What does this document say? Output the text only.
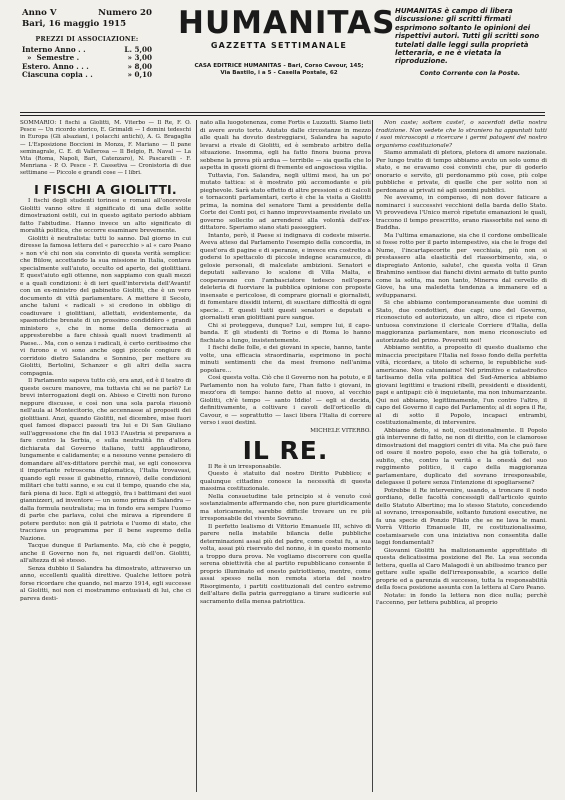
Anno V	Numero 20
Bari, 16 maggio 1915
PREZZI DI ASSOCIAZIONE:
Interno Anno . .	L. 5,00
»  Semestre .	» 3,00
Estero. Anno . . .	» 8,00
Ciascuna copia . .	» 0,10
HUMANITAS
GAZZETTA SETTIMANALE
CASA EDITRICE HUMANITAS - Bari, Corso Cavour, 145;
Via Bastilo, i a 5 - Casella Postale, 62
HUMANITAS è campo di libera discussione: gli scritti firmati esprimono soltanto le opinioni dei rispettivi autori. Tutti gli scritti sono tutelati dalle leggi sulla proprietà letteraria, e ne è vietata la riproduzione.
Conto Corrente con la Poste.

SOMMARIO: I fischi a Giolitti, M. Viterbo — Il Re, F. O. Pesce — Un ricordo storico, E. Grimaldi — I domini tedeschi in Europa (Gli alsaziani, i polacchi antichi), A. G. Bragaglia — L'Esposizione Boccioni in Monza, F. Mariano — Il pane seminagrale, C. E. di Vallerosa — Il Belgio, R. Naval — La Vita (Roma, Napoli, Bari, Catenzaro), N. Pascarelli - F. Menriana - P. O. Pesce - F. Cassetiva — Cronistoria di due settimane — Piccole e grandi cose — I libri.

I FISCHI A GIOLITTI.

I fischi degli studenti torinesi e romani all'onorevole Giolitti vanno oltre il significato di una delle solite dimostrazioni ostili, cui in questo agitato periodo abbiam fatto l'abitudine. Hanno invece un alto significato di moralità politica, che occorre esaminare brevemente.

Giolitti è neutralista: tutti lo sanno. Dal giorno in cui diresse la famosa lettera del « parecchio » al « caro Peano » non v'è chi non sia convinto di questa verità semplice: che Bülow, accettando la sua missione in Italia, contava specialmente sull'aiuto, occulto od aperto, dei giolittiani. E quest'aiuto egli ottenne, non sappiamo con quali mezzi e a quali condizioni: è di ieri quell'intervista dell'Avanti! con un ex-ministro del gabinetto Giolitti, che è un vero documento di viltà parlamentare. A mettere il Secolo, anche taluni « radicali » si credono in obbligo di coadiuvare i giolittiani, allettati, evidentemente, da spasmodiche brenate di un prossimo condiddèro « grandi ministero », che in nome della democrazia ai appresterebbe a fare chissà quali nuovi tradimenti al Paese... Ma, con o senza i radicali, è certo ceritissimo che vi furono e vi sono anche oggi piccole congiure di corridoio dietro Salandra e Sonnino, per mettere su Giolitti, Bertolini, Schanzer e gli altri della sacra compagnia.

Il Parlamento sapeva tutto ciò, era anzi, ed è il teatro di queste oscure manovre, ma tuttavia chi se ne parlò? Le brevi interrogazioni degli on. Abisso e Ciretti non furono neppure discusse, e così non una sola parola risuonò nell'aula ai Montecitorio, che accennasse al propositi dei giolittiani. Anzi, quando Giolitti, nel dicembre, mise fuori quel famosi dispacci passati tra lui e Di San Giuliano sull'aggressione che fin dal 1913 l'Austria si preparava a fare contro la Serbia, e sulla neutralità fin d'allora dichiarata dal Governo italiano, tutti applaudirono, lungamente e calidamente; e a nessuno venne pensiero di domandare all'ex-dittatore perchè mai, se egli conosceva il importante retroscena diplomatica, l'Italia trovavasi, quando egli resse il gabinetto, rinnovò, delle condizioni militari che tutti sanno, e su cui il tempo, quando che sia, farà piena di luce. Egli si atteggiò, fra i battimani dei suoi giannizzeri, ad inventore — un uomo prima di Salandra — dalla formula neutralista; ma in fondo era sempre l'uomo di parte che parlava, colui che mirava a riprendere il potere perduto: non già il patriota e l'uomo di stato, che tracciava un programma per il bene supremo della Nazione.

Tacque dunque il Parlamento. Ma, ciò che è peggio, anche il Governo non fu, nei riguardi dell'on. Giolitti, all'altezza di sè stesso.

Senza dubbio il Salandra ha dimostrato, attraverso un anno, eccellenti qualità direttive. Qualche lettore potrà forse ricordare che quando, nel marzo 1914, egli successe al Giolitti, noi non ci mostrammo entusiasti di lui, che ci pareva desti-

nato alla luogotenenza, come Fortis e Luzzatti. Siamo lieti di avere avuto torto. Aiutato dalle circostanze in mezzo alle quali ha dovuto destreggiarsi, Salandra ha saputo levarsi a rivale di Giolitti, ed è sembrato arbitro della situazione. Insomma, egli ha fatto finora buona prova sebbene la prova più ardua — terribile — sia quella che lo aspetta in questi giorni di fremente ed angosciosa vigilia.

Tuttavia, l'on. Salandra, negli ultimi mesi, ha un po' mutato tattica: si è mostrato più accomodante e più pieghevole. Sarà stato effetto di altre pressioni o di calcoli e tornaconti parlamentari, certo è che la visita a Giolitti prima, la nomina del senatore Tami a presidente della Corte dei Conti poi, ci hanno improvvisamente rivelato un governo sollecito ad arrendersi alla volontà dell'ex-dittatore. Speriamo siano stati passeggieri.

Intanto, però, il Paese si indignava di codeste miserie. Aveva atteso dal Parlamento l'esempio della concordia, in quest'ora di pagine e di speranze, e invece era costretto a godersi lo spettacolo di piccole indegne scaramucce, di gelosie personali, di malcelate ambizioni. Senatori e deputati sallevano lo scalone di Villa Malta, e cooperavano con l'ambasciatore tedesco nell'opera deleteria di fuorviare la pubblica opinione con proposte insensate e pericolose, di comprare giornali e giornalisti, di fomentare dissidii interni, di suscitare difficoltà di ogni specie... E questi tutti questi senatori e deputati e giornalisti eran giolittiani pure sangue.

Chi si proteggeva, dunque? Lui, sempre lui, il capo-banda. E gli studenti di Torino e di Roma lo hanno fischiato a lungo, insistentemente.

I fischi delle folle, e dei giovani in specie, hanno, tante volte, una efficacia straordinaria, esprimono in pochi minuti sentimenti che da mesi fremono nell'anima popolare...

Così questa volta. Ciò che il Governo non ha potuto, e il Parlamento non ha voluto fare, l'han fatto i giovani, in mezz'ora di tempo: hanno detto al nuovo, al vecchio Giolitti, ch'è tempo — santo Iddio! — egli si decida, definitivamente, a coltivare i cavoli dell'orticello di Cavour, e — soprattutto — lasci libera l'Italia di correre verso i suoi destini.

MICHELE VITERBO.
IL RE.

Il Re è un irresponsabile.

Questo è statuito dal nostro Diritto Pubblico; e qualunque cittadino conosce la necessità di questa massima costituzionale.

Nella consuetudine tale principio si è venuto così sostanzialmente affermando che, non pure giuridicamente ma storicamente, sarebbe difficile trovare un re più irresponsabile del vivente Sovrano.

Il perfetto lealismo di Vittorio Emanuele III, schivo di parere nella instabile bilancia delle pubbliche determinazioni assai più del padre, come costui fu, a sua volta, assai più riservato del nonno, è in questo momento a troppo dura prova. Ne vogliamo discorrere con quella serena obiettività che al partito repubblicano consente il proprio illuminato ed onesto patriottismo, mentre, come assai spesso nella non remota storia del nostro Risorgimento, i partiti costituzionali del centro estremo dell'altare della patria garreggiano a tirare sudicerie sul sacramento della mensa patriottica.

Non caste; soltem caste!, o sacerdoti della nostra tradizione. Non vedete che lo straniero ha appuntati tutti i suoi microscopii a ricercare i germi patogeni del nostro organismo costituzionale?

Siamo ammalati di pletora, pletora di amore nazionale. Per lungo tratto di tempo abbiamo avuto un solo uomo di stato, e ne eravamo così convinti che, pur di goderlo onorario e servito, gli perdonammo più cose, più colpe pubbliche e private, di quelle che per solito non si perdonano ai privati né agli uomini pubblici.

Ne avevamo, in compenso, di non dover faticare a nominarci i successivi vecchioni della barda dello Stato. Vi provvedeva l'Unico mercè ripetute emanazioni le quali, traccono il tempo prescritto, erano riassorbite nel seno di Buddha.

Ma l'ultima emanazione, sia che il cordone ombellicale si fosse rotto per il parto intempestivo, sia che le froge del Nume, l'incartapecorite per vecchiaia, più non si prestassero alla elasticità del riassorbimento, sia, o dispregiato Antonio, salute!, che questa volta il Gran Brahmino sentisse dai fianchi divini armato di tutto punto come la solita, ma non tanto, Minerva dal cervello di Giove, ha una maledetta tendenza a immanere ed a sviluppanarsi.

Si che abbiamo contemporaneamente due uomini di Stato, due condottieri, due capi; uno del Governo, riconosciuto ed autorizzato, un altro, dice ci ripete con untuosa convinzione il clericale Corriere d'Italia, della maggioranza parlamentare, non meno riconosciuto ed autorizzato del primo. Poveretti noi!

Abbiamo sentito, a proposito di questo dualismo che minaccia precipitare l'Italia nel fosso fondo della perfetta viltà, ricordare, a titolo di scherno, le repubbliche sud-americane. Non calunniamo! Nel primitivo e catastrofico tarlisamo della vita politica del Sud-America abbiamo giovani legittimi e trazioni ribelli, presidenti e dissidenti, papi e antipapi: ciò è inquietante, ma non inhumarzzante. Qui noi abbiamo, legittimamente, l'un contro l'altro, il capo del Governo il capo del Parlamento; al di sopra il Re, al di sotto il Popolo, incapaci entrambi, costituzionalmente, di intervenire.

Abbiamo detto, si noti, costituzionalmente. Il Popolo già intervenne di fatto, ne non di diritto, con le clamorose dimostrazioni del maggiori centri di vita. Ma che può fare od osare il nostro popolo, esso che ha già tollerato, o subito, che, contro la verità e la onestà del suo reggimento politico, il capo della maggioranza parlamentare, duplicato del sovrano irresponsabile, delegasse il potere senza l'intenzione di spogliarsene?

Potrebbe il Re intervenire, usando, a troncare il nodo gordiano, delle facoltà concessigli dall'articolo quinto dello Statuto Albertino; ma lo stesso Statuto, concedendo al sovrano, irresponsabile, soltanto funzioni esecutive, ne fa una specie di Ponzio Pilato che se ne lava le mani. Vorrà Vittorio Emanuele III, re costituzionalissimo, costamisarsele con una iniziativa non consentita dalle leggi fondamentali?

Giovanni Giolitti ha malizionamente approfittato di questa delicatissima posizione del Re. La sua seconda lettera, quella al Caro Malagodi è un abilissimo tranco per gettare sulle spalle dell'irresponsabile, a scarico delle proprie ed a garenzia di successo, tutta la responsabilità della fosca posizione assunta con la lettera al Caro Peano.

Notate: in fondo la lettera non dice nulla; perchè l'accenno, per lettera pubblica, al proprio
